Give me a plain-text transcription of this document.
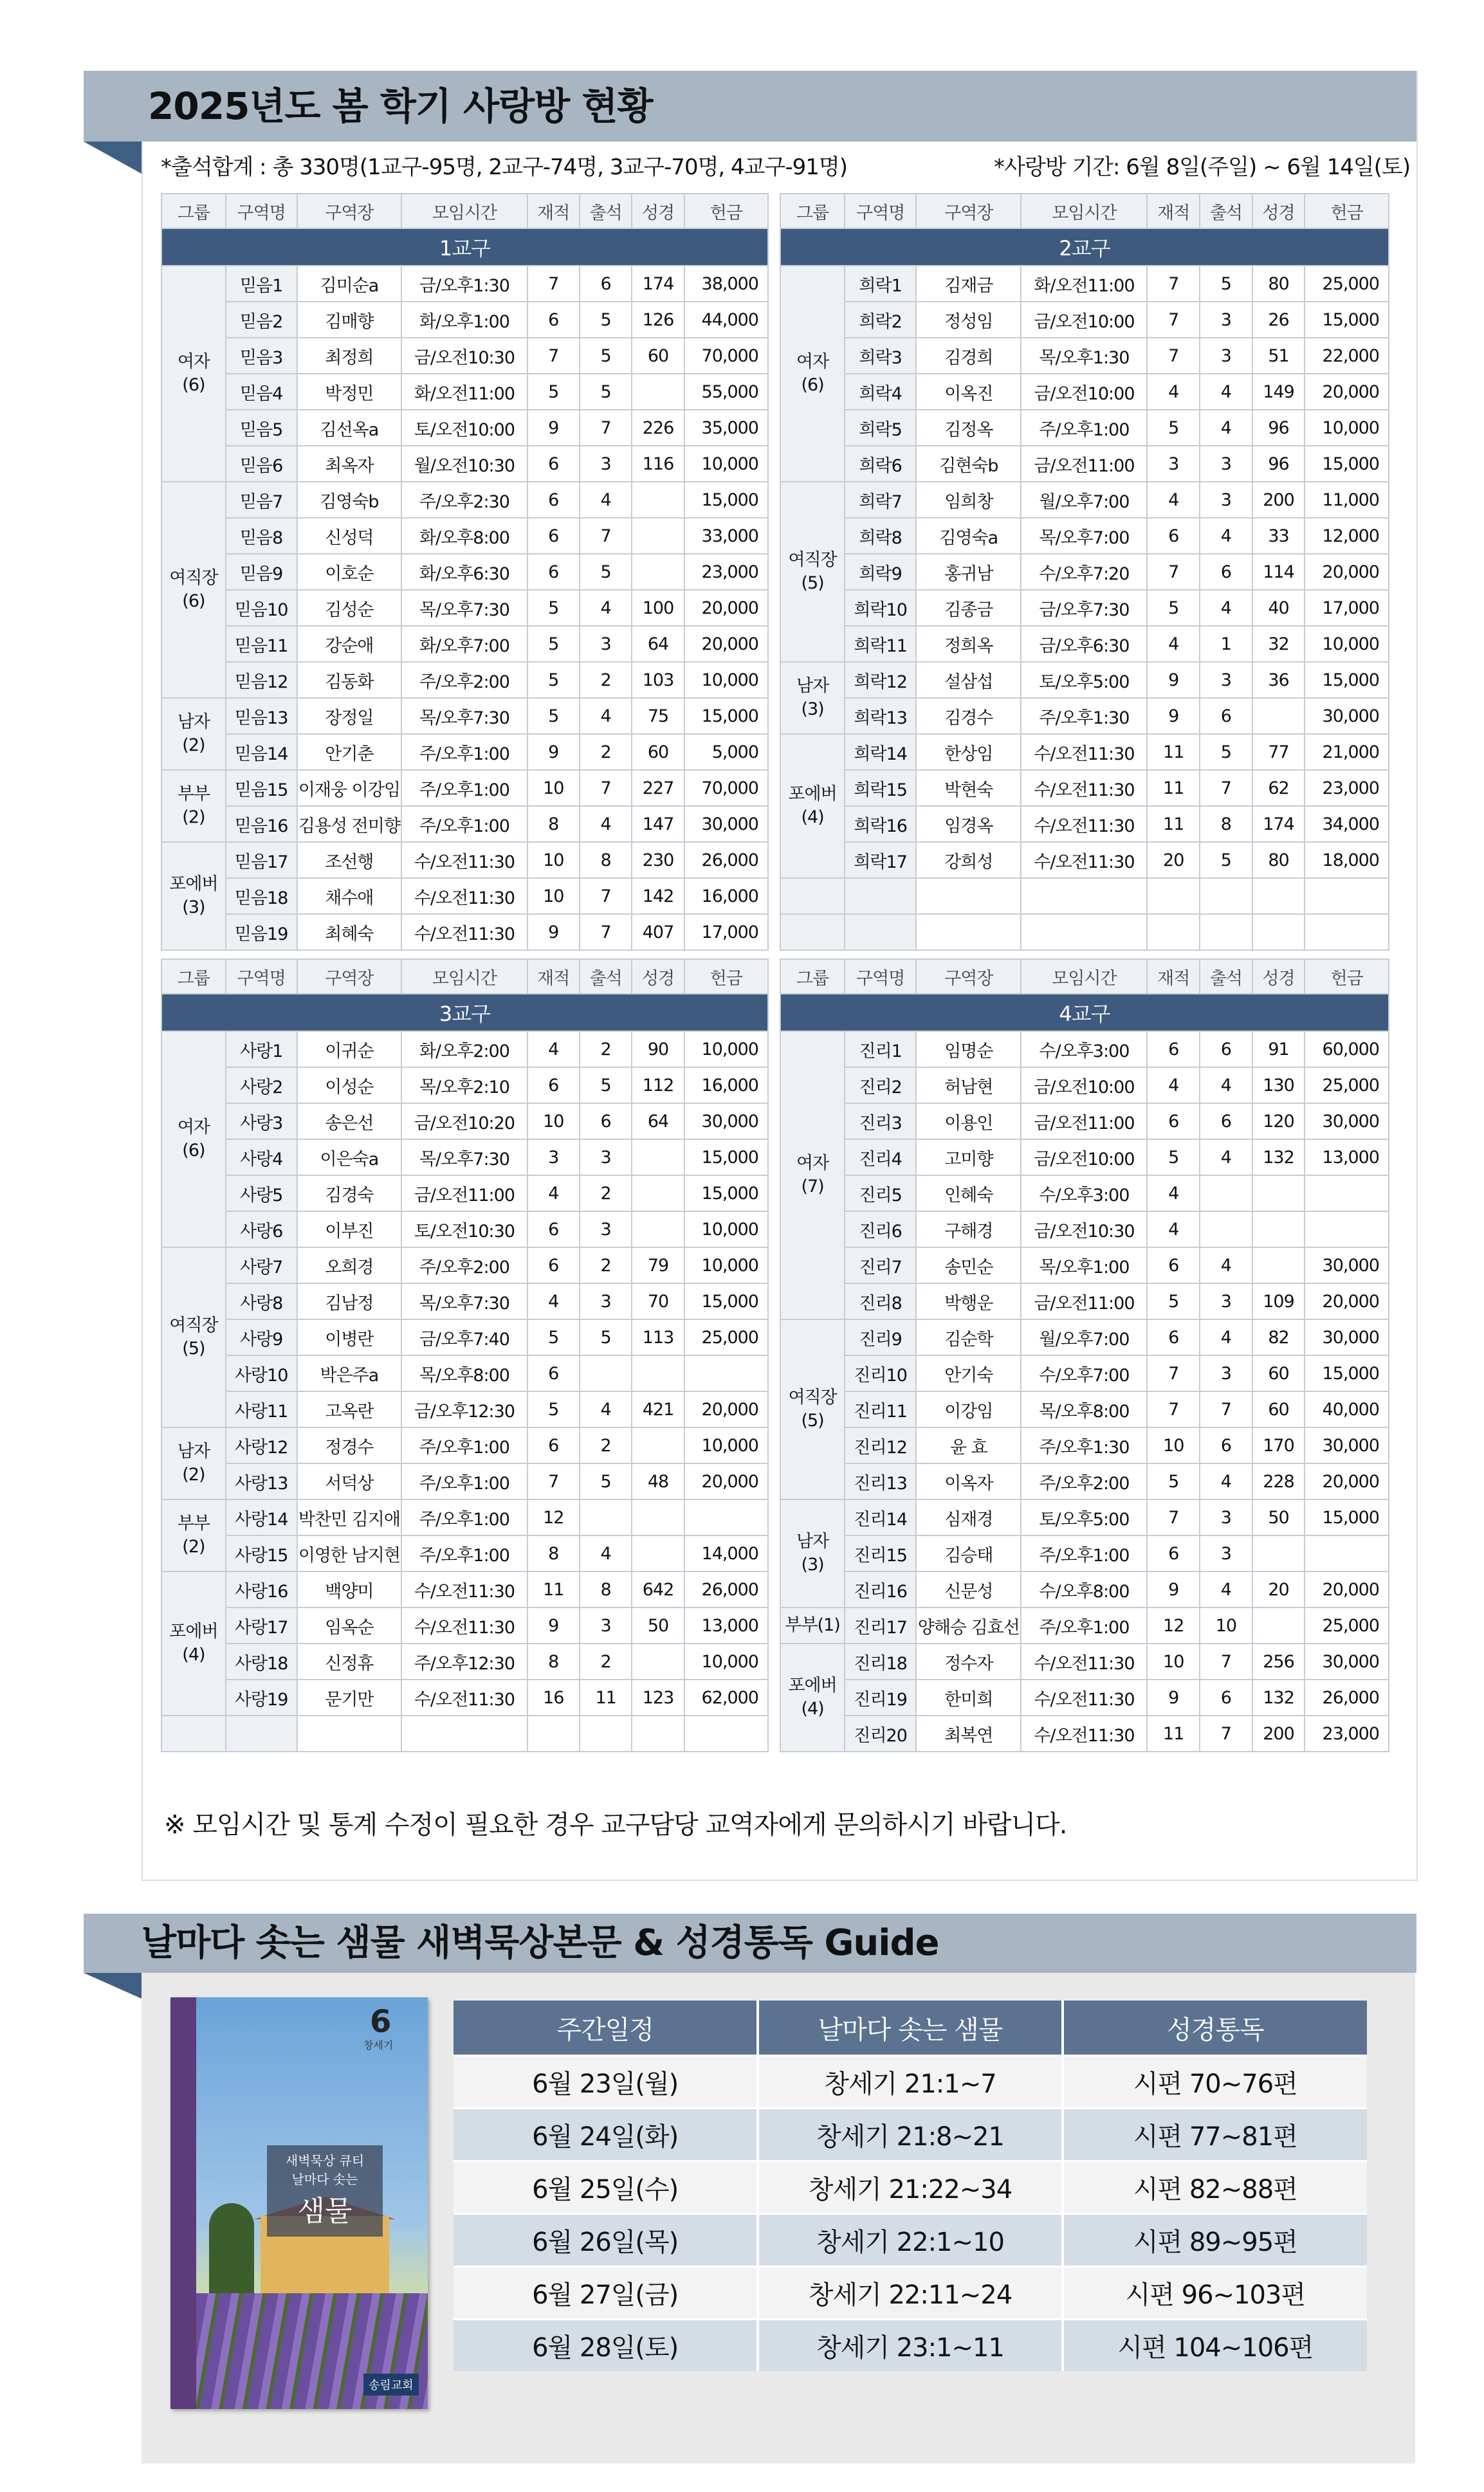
2025년도 봄 학기 사랑방 현황
*출석합계 : 총 330명(1교구-95명, 2교구-74명, 3교구-70명, 4교구-91명)	*사랑방 기간: 6월 8일(주일) ~ 6월 14일(토)
그룹	구역명	구역장	모임시간	재적	출석	성경	헌금
1교구							
여자
(6)	믿음1	김미순a	금/오후1:30	7	6	174	38,000
	믿음2	김매향	화/오후1:00	6	5	126	44,000
	믿음3	최정희	금/오전10:30	7	5	60	70,000
	믿음4	박정민	화/오전11:00	5	5		55,000
	믿음5	김선옥a	토/오전10:00	9	7	226	35,000
	믿음6	최옥자	월/오전10:30	6	3	116	10,000
여직장
(6)	믿음7	김영숙b	주/오후2:30	6	4		15,000
	믿음8	신성덕	화/오후8:00	6	7		33,000
	믿음9	이호순	화/오후6:30	6	5		23,000
	믿음10	김성순	목/오후7:30	5	4	100	20,000
	믿음11	강순애	화/오후7:00	5	3	64	20,000
	믿음12	김동화	주/오후2:00	5	2	103	10,000
남자
(2)	믿음13	장정일	목/오후7:30	5	4	75	15,000
	믿음14	안기춘	주/오후1:00	9	2	60	5,000
부부
(2)	믿음15	이재웅 이강임	주/오후1:00	10	7	227	70,000
	믿음16	김용성 전미향	주/오후1:00	8	4	147	30,000
포에버
(3)	믿음17	조선행	수/오전11:30	10	8	230	26,000
	믿음18	채수애	수/오전11:30	10	7	142	16,000
	믿음19	최혜숙	수/오전11:30	9	7	407	17,000
그룹	구역명	구역장	모임시간	재적	출석	성경	헌금
2교구							
여자
(6)	희락1	김재금	화/오전11:00	7	5	80	25,000
	희락2	정성임	금/오전10:00	7	3	26	15,000
	희락3	김경희	목/오후1:30	7	3	51	22,000
	희락4	이옥진	금/오전10:00	4	4	149	20,000
	희락5	김정옥	주/오후1:00	5	4	96	10,000
	희락6	김현숙b	금/오전11:00	3	3	96	15,000
여직장
(5)	희락7	임희창	월/오후7:00	4	3	200	11,000
	희락8	김영숙a	목/오후7:00	6	4	33	12,000
	희락9	홍귀남	수/오후7:20	7	6	114	20,000
	희락10	김종금	금/오후7:30	5	4	40	17,000
	희락11	정희옥	금/오후6:30	4	1	32	10,000
남자
(3)	희락12	설삼섭	토/오후5:00	9	3	36	15,000
	희락13	김경수	주/오후1:30	9	6		30,000
포에버
(4)	희락14	한상임	수/오전11:30	11	5	77	21,000
	희락15	박현숙	수/오전11:30	11	7	62	23,000
	희락16	임경옥	수/오전11:30	11	8	174	34,000
	희락17	강희성	수/오전11:30	20	5	80	18,000

그룹	구역명	구역장	모임시간	재적	출석	성경	헌금
3교구							
여자
(6)	사랑1	이귀순	화/오후2:00	4	2	90	10,000
	사랑2	이성순	목/오후2:10	6	5	112	16,000
	사랑3	송은선	금/오전10:20	10	6	64	30,000
	사랑4	이은숙a	목/오후7:30	3	3		15,000
	사랑5	김경숙	금/오전11:00	4	2		15,000
	사랑6	이부진	토/오전10:30	6	3		10,000
여직장
(5)	사랑7	오희경	주/오후2:00	6	2	79	10,000
	사랑8	김남정	목/오후7:30	4	3	70	15,000
	사랑9	이병란	금/오후7:40	5	5	113	25,000
	사랑10	박은주a	목/오후8:00	6			
	사랑11	고옥란	금/오후12:30	5	4	421	20,000
남자
(2)	사랑12	정경수	주/오후1:00	6	2		10,000
	사랑13	서덕상	주/오후1:00	7	5	48	20,000
부부
(2)	사랑14	박찬민 김지애	주/오후1:00	12			
	사랑15	이영한 남지현	주/오후1:00	8	4		14,000
포에버
(4)	사랑16	백양미	수/오전11:30	11	8	642	26,000
	사랑17	임옥순	수/오전11:30	9	3	50	13,000
	사랑18	신정휴	주/오후12:30	8	2		10,000
	사랑19	문기만	수/오전11:30	16	11	123	62,000

그룹	구역명	구역장	모임시간	재적	출석	성경	헌금
4교구							
여자
(7)	진리1	임명순	수/오후3:00	6	6	91	60,000
	진리2	허남현	금/오전10:00	4	4	130	25,000
	진리3	이용인	금/오전11:00	6	6	120	30,000
	진리4	고미향	금/오전10:00	5	4	132	13,000
	진리5	인혜숙	수/오후3:00	4			
	진리6	구해경	금/오전10:30	4			
	진리7	송민순	목/오후1:00	6	4		30,000
	진리8	박행운	금/오전11:00	5	3	109	20,000
여직장
(5)	진리9	김순학	월/오후7:00	6	4	82	30,000
	진리10	안기숙	수/오후7:00	7	3	60	15,000
	진리11	이강임	목/오후8:00	7	7	60	40,000
	진리12	윤 효	주/오후1:30	10	6	170	30,000
	진리13	이옥자	주/오후2:00	5	4	228	20,000
남자
(3)	진리14	심재경	토/오후5:00	7	3	50	15,000
	진리15	김승태	주/오후1:00	6	3		
	진리16	신문성	수/오후8:00	9	4	20	20,000
부부(1)	진리17	양해승 김효선	주/오후1:00	12	10		25,000
포에버
(4)	진리18	정수자	수/오전11:30	10	7	256	30,000
	진리19	한미희	수/오전11:30	9	6	132	26,000
	진리20	최복연	수/오전11:30	11	7	200	23,000
※ 모임시간 및 통계 수정이 필요한 경우 교구담당 교역자에게 문의하시기 바랍니다.
날마다 솟는 샘물 새벽묵상본문 & 성경통독 Guide
6
창세기
새벽묵상 큐티
날마다 솟는
샘물
송림교회
주간일정	날마다 솟는 샘물	성경통독
6월 23일(월)	창세기 21:1~7	시편 70~76편
6월 24일(화)	창세기 21:8~21	시편 77~81편
6월 25일(수)	창세기 21:22~34	시편 82~88편
6월 26일(목)	창세기 22:1~10	시편 89~95편
6월 27일(금)	창세기 22:11~24	시편 96~103편
6월 28일(토)	창세기 23:1~11	시편 104~106편
